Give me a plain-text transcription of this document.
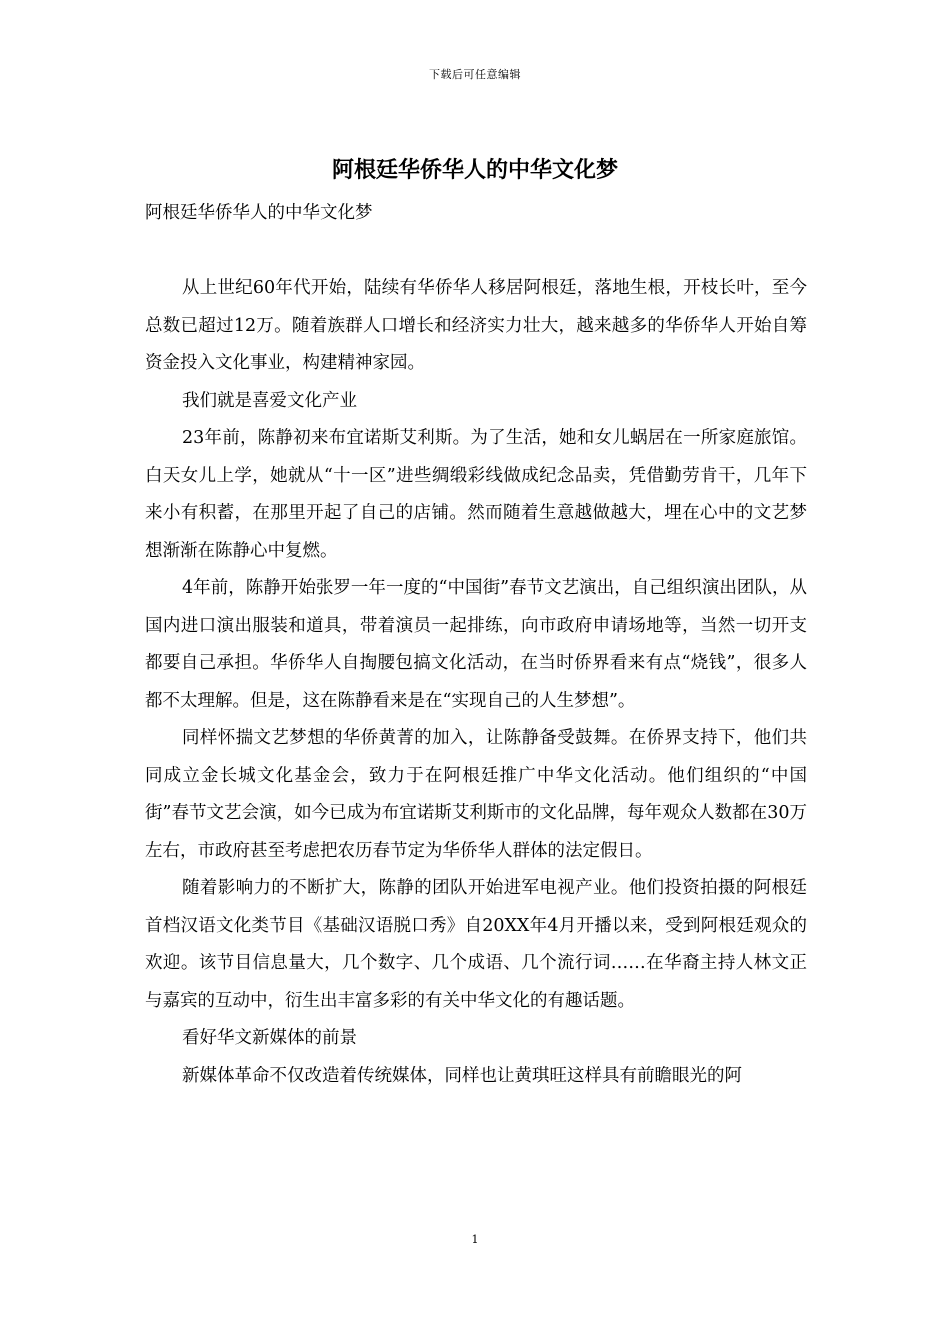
下载后可任意编辑
阿根廷华侨华人的中华文化梦

阿根廷华侨华人的中华文化梦

从上世纪60年代开始，陆续有华侨华人移居阿根廷，落地生根，开枝长叶，至今总数已超过12万。随着族群人口增长和经济实力壮大，越来越多的华侨华人开始自筹资金投入文化事业，构建精神家园。

我们就是喜爱文化产业

23年前，陈静初来布宜诺斯艾利斯。为了生活，她和女儿蜗居在一所家庭旅馆。白天女儿上学，她就从“十一区”进些绸缎彩线做成纪念品卖，凭借勤劳肯干，几年下来小有积蓄，在那里开起了自己的店铺。然而随着生意越做越大，埋在心中的文艺梦想渐渐在陈静心中复燃。

4年前，陈静开始张罗一年一度的“中国街”春节文艺演出，自己组织演出团队，从国内进口演出服装和道具，带着演员一起排练，向市政府申请场地等，当然一切开支都要自己承担。华侨华人自掏腰包搞文化活动，在当时侨界看来有点“烧钱”，很多人都不太理解。但是，这在陈静看来是在“实现自己的人生梦想”。

同样怀揣文艺梦想的华侨黄菁的加入，让陈静备受鼓舞。在侨界支持下，他们共同成立金长城文化基金会，致力于在阿根廷推广中华文化活动。他们组织的“中国街”春节文艺会演，如今已成为布宜诺斯艾利斯市的文化品牌，每年观众人数都在30万左右，市政府甚至考虑把农历春节定为华侨华人群体的法定假日。

随着影响力的不断扩大，陈静的团队开始进军电视产业。他们投资拍摄的阿根廷首档汉语文化类节目《基础汉语脱口秀》自20XX年4月开播以来，受到阿根廷观众的欢迎。该节目信息量大，几个数字、几个成语、几个流行词……在华裔主持人林文正与嘉宾的互动中，衍生出丰富多彩的有关中华文化的有趣话题。

看好华文新媒体的前景

新媒体革命不仅改造着传统媒体，同样也让黄琪旺这样具有前瞻眼光的阿

1
